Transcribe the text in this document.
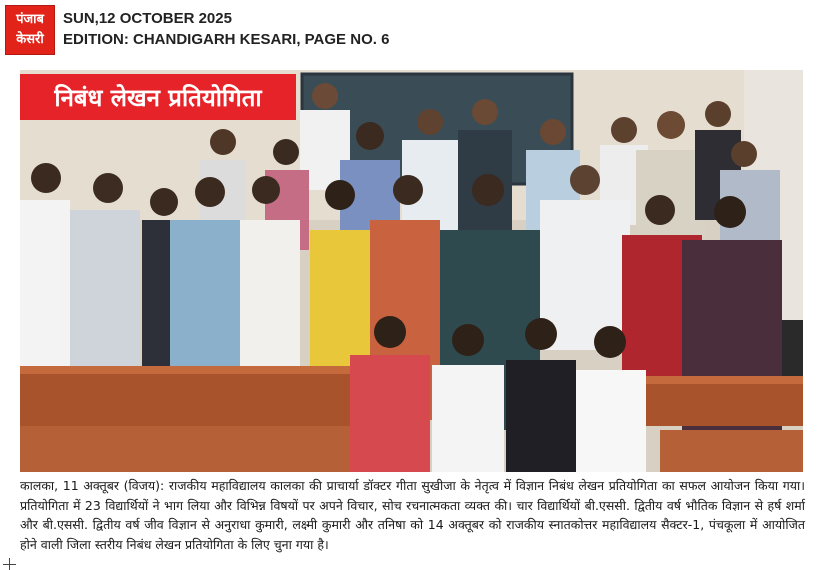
पंजाब
केसरी
SUN,12 OCTOBER 2025
EDITION: CHANDIGARH KESARI, PAGE NO. 6
निबंध लेखन प्रतियोगिता
कालका, 11 अक्तूबर (विजय): राजकीय महाविद्यालय कालका की प्राचार्या डॉक्टर गीता सुखीजा के नेतृत्व में विज्ञान निबंध लेखन प्रतियोगिता का सफल आयोजन किया गया। प्रतियोगिता में 23 विद्यार्थियों ने भाग लिया और विभिन्न विषयों पर अपने विचार, सोच रचनात्मकता व्यक्त की। चार विद्यार्थियों बी.एससी. द्वितीय वर्ष भौतिक विज्ञान से हर्ष शर्मा और बी.एससी. द्वितीय वर्ष जीव विज्ञान से अनुराधा कुमारी, लक्ष्मी कुमारी और तनिषा को 14 अक्तूबर को राजकीय स्नातकोत्तर महाविद्यालय सैक्टर-1, पंचकूला में आयोजित होने वाली जिला स्तरीय निबंध लेखन प्रतियोगिता के लिए चुना गया है।
